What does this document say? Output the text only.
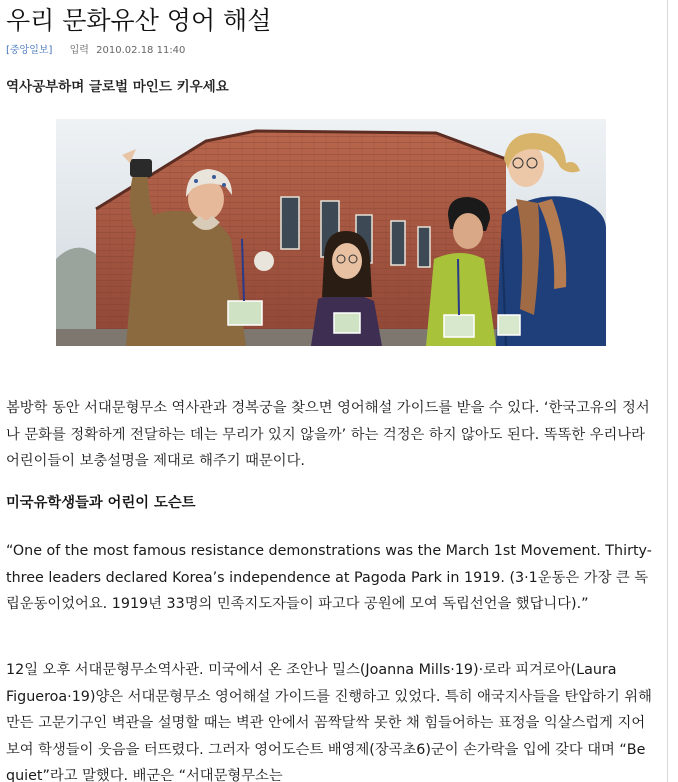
우리 문화유산 영어 해설
[중앙일보] 입력 2010.02.18 11:40
역사공부하며 글로벌 마인드 키우세요

봄방학 동안 서대문형무소 역사관과 경복궁을 찾으면 영어해설 가이드를 받을 수 있다. ‘한국고유의 정서나 문화를 정확하게 전달하는 데는 무리가 있지 않을까’ 하는 걱정은 하지 않아도 된다. 똑똑한 우리나라 어린이들이 보충설명을 제대로 해주기 때문이다.

미국유학생들과 어린이 도슨트

“One of the most famous resistance demonstrations was the March 1st Movement. Thirty-three leaders declared Korea’s independence at Pagoda Park in 1919. (3·1운동은 가장 큰 독립운동이었어요. 1919년 33명의 민족지도자들이 파고다 공원에 모여 독립선언을 했답니다).”

12일 오후 서대문형무소역사관. 미국에서 온 조안나 밀스(Joanna Mills·19)·로라 피겨로아(Laura Figueroa·19)양은 서대문형무소 영어해설 가이드를 진행하고 있었다. 특히 애국지사들을 탄압하기 위해 만든 고문기구인 벽관을 설명할 때는 벽관 안에서 꼼짝달싹 못한 채 힘들어하는 표정을 익살스럽게 지어 보여 학생들이 웃음을 터뜨렸다. 그러자 영어도슨트 배영제(장곡초6)군이 손가락을 입에 갖다 대며 “Be quiet”라고 말했다. 배군은 “서대문형무소는
